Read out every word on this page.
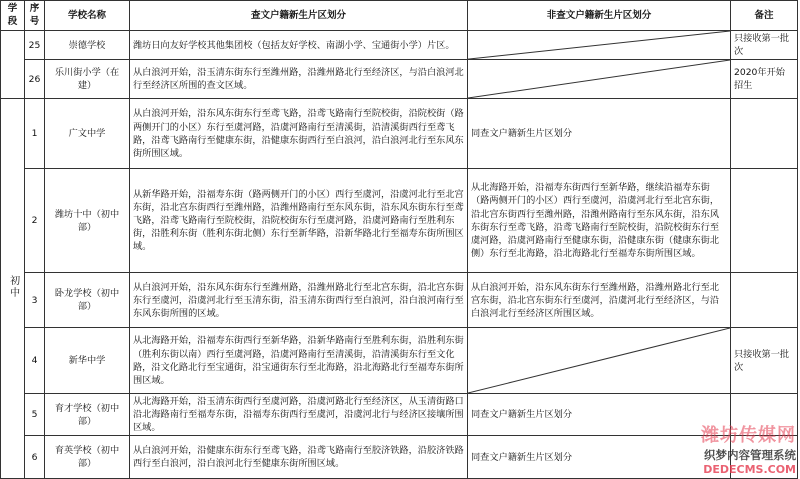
学段	序号	学校名称	查文户籍新生片区划分	非查文户籍新生片区划分	备注
	25	崇德学校	潍坊日向友好学校其他集团校（包括友好学校、南湖小学、宝通街小学）片区。		只接收第一批次
	26	乐川街小学（在建）	从白浪河开始，沿玉清东街东行至潍州路，沿潍州路北行至经济区，与沿白浪河北行至经济区所围的查文区域。		2020年开始招生
初中	1	广文中学	从白浪河开始，沿东风东街东行至鸢飞路，沿鸢飞路南行至院校街，沿院校街（路两侧开门的小区）东行至虞河路，沿虞河路南行至清溪街，沿清溪街西行至鸢飞路，沿鸢飞路南行至健康东街，沿健康东街西行至白浪河，沿白浪河北行至东风东街所围区域。	同查文户籍新生片区划分	
	2	潍坊十中（初中部）	从新华路开始，沿福寿东街（路两侧开门的小区）西行至虞河，沿虞河北行至北宫东街，沿北宫东街西行至潍州路，沿潍州路南行至东风东街，沿东风东街东行至鸢飞路，沿鸢飞路南行至院校街，沿院校街东行至虞河路，沿虞河路南行至胜利东街，沿胜利东街（胜利东街北侧）东行至新华路，沿新华路北行至福寿东街所围区域。	从北海路开始，沿福寿东街西行至新华路，继续沿福寿东街（路两侧开门的小区）西行至虞河，沿虞河北行至北宫东街，沿北宫东街西行至潍州路，沿潍州路南行至东风东街，沿东风东街东行至鸢飞路，沿鸢飞路南行至院校街，沿院校街东行至虞河路，沿虞河路南行至健康东街，沿健康东街（健康东街北侧）东行至北海路，沿北海路北行至福寿东街所围区域。	
	3	卧龙学校（初中部）	从白浪河开始，沿东风东街东行至潍州路，沿潍州路北行至北宫东街，沿北宫东街东行至虞河，沿虞河北行至玉清东街，沿玉清东街西行至白浪河，沿白浪河南行至东风东街所围的区域。	从白浪河开始，沿东风东街东行至潍州路，沿潍州路北行至北宫东街，沿北宫东街东行至虞河，沿虞河北行至经济区，与沿白浪河北行至经济区所围区域。	
	4	新华中学	从北海路开始，沿福寿东街西行至新华路，沿新华路南行至胜利东街，沿胜利东街（胜利东街以南）西行至虞河路，沿虞河路南行至清溪街，沿清溪街东行至文化路，沿文化路北行至宝通街，沿宝通街东行至北海路，沿北海路北行至福寿东街所围区域。		只接收第一批次
	5	育才学校（初中部）	从北海路开始，沿玉清东街西行至虞河路，沿虞河路北行至经济区，从玉清街路口沿北海路南行至福寿东街，沿福寿东街西行至虞河，沿虞河北行与经济区接壤所围区域。	同查文户籍新生片区划分	
	6	育英学校（初中部）	从白浪河开始，沿健康东街东行至鸢飞路，沿鸢飞路南行至胶济铁路，沿胶济铁路西行至白浪河，沿白浪河北行至健康东街所围区域。	同查文户籍新生片区划分	
潍坊传媒网
织梦内容管理系统
DEDECMS.COM
